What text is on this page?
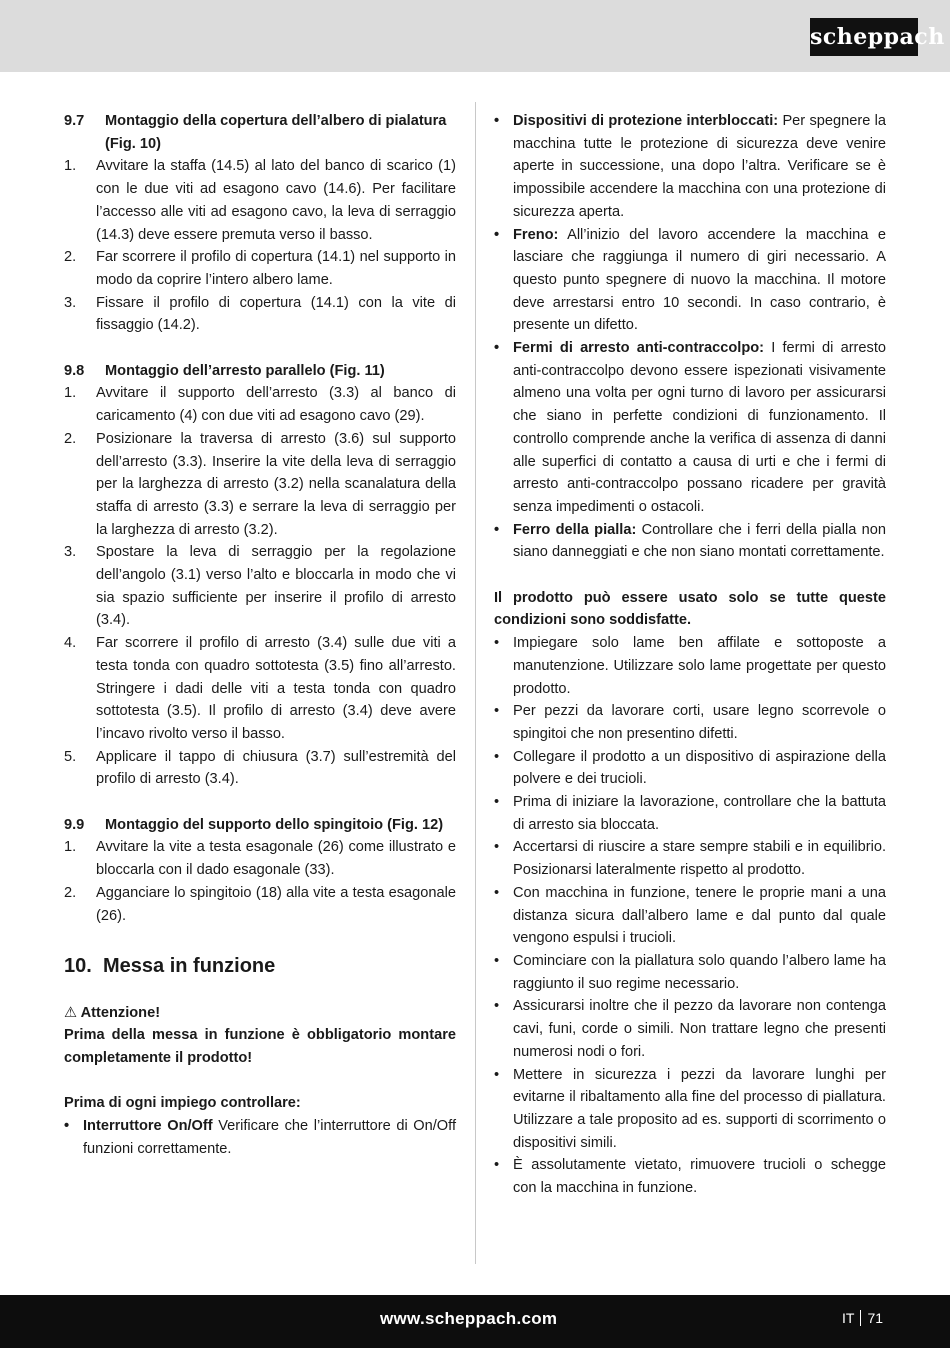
scheppach
9.7	Montaggio della copertura dell’albero di pialatura (Fig. 10)
1.	Avvitare la staffa (14.5) al lato del banco di scarico (1) con le due viti ad esagono cavo (14.6). Per facilitare l’accesso alle viti ad esagono cavo, la leva di serraggio (14.3) deve essere premuta verso il basso.
2.	Far scorrere il profilo di copertura (14.1) nel supporto in modo da coprire l’intero albero lame.
3.	Fissare il profilo di copertura (14.1) con la vite di fissaggio (14.2).
9.8	Montaggio dell’arresto parallelo (Fig. 11)
1.	Avvitare il supporto dell’arresto (3.3) al banco di caricamento (4) con due viti ad esagono cavo (29).
2.	Posizionare la traversa di arresto (3.6) sul supporto dell’arresto (3.3). Inserire la vite della leva di serraggio per la larghezza di arresto (3.2) nella scanalatura della staffa di arresto (3.3) e serrare la leva di serraggio per la larghezza di arresto (3.2).
3.	Spostare la leva di serraggio per la regolazione dell’angolo (3.1) verso l’alto e bloccarla in modo che vi sia spazio sufficiente per inserire il profilo di arresto (3.4).
4.	Far scorrere il profilo di arresto (3.4) sulle due viti a testa tonda con quadro sottotesta (3.5) fino all’arresto. Stringere i dadi delle viti a testa tonda con quadro sottotesta (3.5). Il profilo di arresto (3.4) deve avere l’incavo rivolto verso il basso.
5.	Applicare il tappo di chiusura (3.7) sull’estremità del profilo di arresto (3.4).
9.9	Montaggio del supporto dello spingitoio (Fig. 12)
1.	Avvitare la vite a testa esagonale (26) come illustrato e bloccarla con il dado esagonale (33).
2.	Agganciare lo spingitoio (18) alla vite a testa esagonale (26).
10. Messa in funzione
⚠ Attenzione!
Prima della messa in funzione è obbligatorio montare completamente il prodotto!
Prima di ogni impiego controllare:
• Interruttore On/Off Verificare che l’interruttore di On/Off funzioni correttamente.
• Dispositivi di protezione interbloccati: Per spegnere la macchina tutte le protezione di sicurezza deve venire aperte in successione, una dopo l’altra. Verificare se è impossibile accendere la macchina con una protezione di sicurezza aperta.
• Freno: All’inizio del lavoro accendere la macchina e lasciare che raggiunga il numero di giri necessario. A questo punto spegnere di nuovo la macchina. Il motore deve arrestarsi entro 10 secondi. In caso contrario, è presente un difetto.
• Fermi di arresto anti-contraccolpo: I fermi di arresto anti-contraccolpo devono essere ispezionati visivamente almeno una volta per ogni turno di lavoro per assicurarsi che siano in perfette condizioni di funzionamento. Il controllo comprende anche la verifica di assenza di danni alle superfici di contatto a causa di urti e che i fermi di arresto anti-contraccolpo possano ricadere per gravità senza impedimenti o ostacoli.
• Ferro della pialla: Controllare che i ferri della pialla non siano danneggiati e che non siano montati correttamente.
Il prodotto può essere usato solo se tutte queste condizioni sono soddisfatte.
• Impiegare solo lame ben affilate e sottoposte a manutenzione. Utilizzare solo lame progettate per questo prodotto.
• Per pezzi da lavorare corti, usare legno scorrevole o spingitoi che non presentino difetti.
• Collegare il prodotto a un dispositivo di aspirazione della polvere e dei trucioli.
• Prima di iniziare la lavorazione, controllare che la battuta di arresto sia bloccata.
• Accertarsi di riuscire a stare sempre stabili e in equilibrio. Posizionarsi lateralmente rispetto al prodotto.
• Con macchina in funzione, tenere le proprie mani a una distanza sicura dall’albero lame e dal punto dal quale vengono espulsi i trucioli.
• Cominciare con la piallatura solo quando l’albero lame ha raggiunto il suo regime necessario.
• Assicurarsi inoltre che il pezzo da lavorare non contenga cavi, funi, corde o simili. Non trattare legno che presenti numerosi nodi o fori.
• Mettere in sicurezza i pezzi da lavorare lunghi per evitarne il ribaltamento alla fine del processo di piallatura. Utilizzare a tale proposito ad es. supporti di scorrimento o dispositivi simili.
• È assolutamente vietato, rimuovere trucioli o schegge con la macchina in funzione.
www.scheppach.com	IT 71
